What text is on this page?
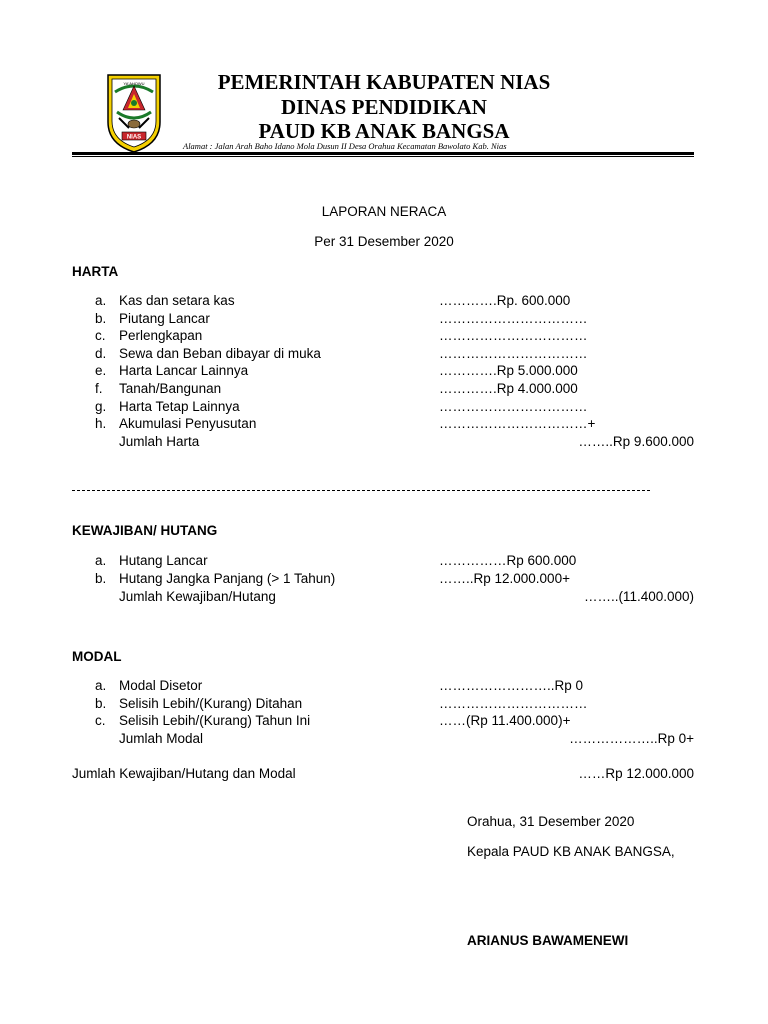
NIAS
YA'AHOWU	PEMERINTAH KABUPATEN NIAS
DINAS PENDIDIKAN
PAUD KB ANAK BANGSA
Alamat : Jalan Arah Baho Idano Mola Dusun II Desa Orahua Kecamatan Bawolato Kab. Nias
LAPORAN NERACA
Per 31 Desember 2020
HARTA
a. Kas dan setara kas	………….Rp. 600.000
b. Piutang Lancar	……………………………
c. Perlengkapan	……………………………
d. Sewa dan Beban dibayar di muka	……………………………
e. Harta Lancar Lainnya	………….Rp 5.000.000
f. Tanah/Bangunan	………….Rp 4.000.000
g. Harta Tetap Lainnya	……………………………
h. Akumulasi Penyusutan	……………………………+
Jumlah Harta	……..Rp 9.600.000
KEWAJIBAN/ HUTANG
a. Hutang Lancar	……………Rp 600.000
b. Hutang Jangka Panjang (> 1 Tahun)	……..Rp 12.000.000+
Jumlah Kewajiban/Hutang	……..(11.400.000)
MODAL
a. Modal Disetor	……………………..Rp 0
b. Selisih Lebih/(Kurang) Ditahan	……………………………
c. Selisih Lebih/(Kurang) Tahun Ini	……(Rp 11.400.000)+
Jumlah Modal	………………..Rp 0+
Jumlah Kewajiban/Hutang dan Modal	……Rp 12.000.000
Orahua, 31 Desember 2020
Kepala PAUD KB ANAK BANGSA,
ARIANUS BAWAMENEWI
